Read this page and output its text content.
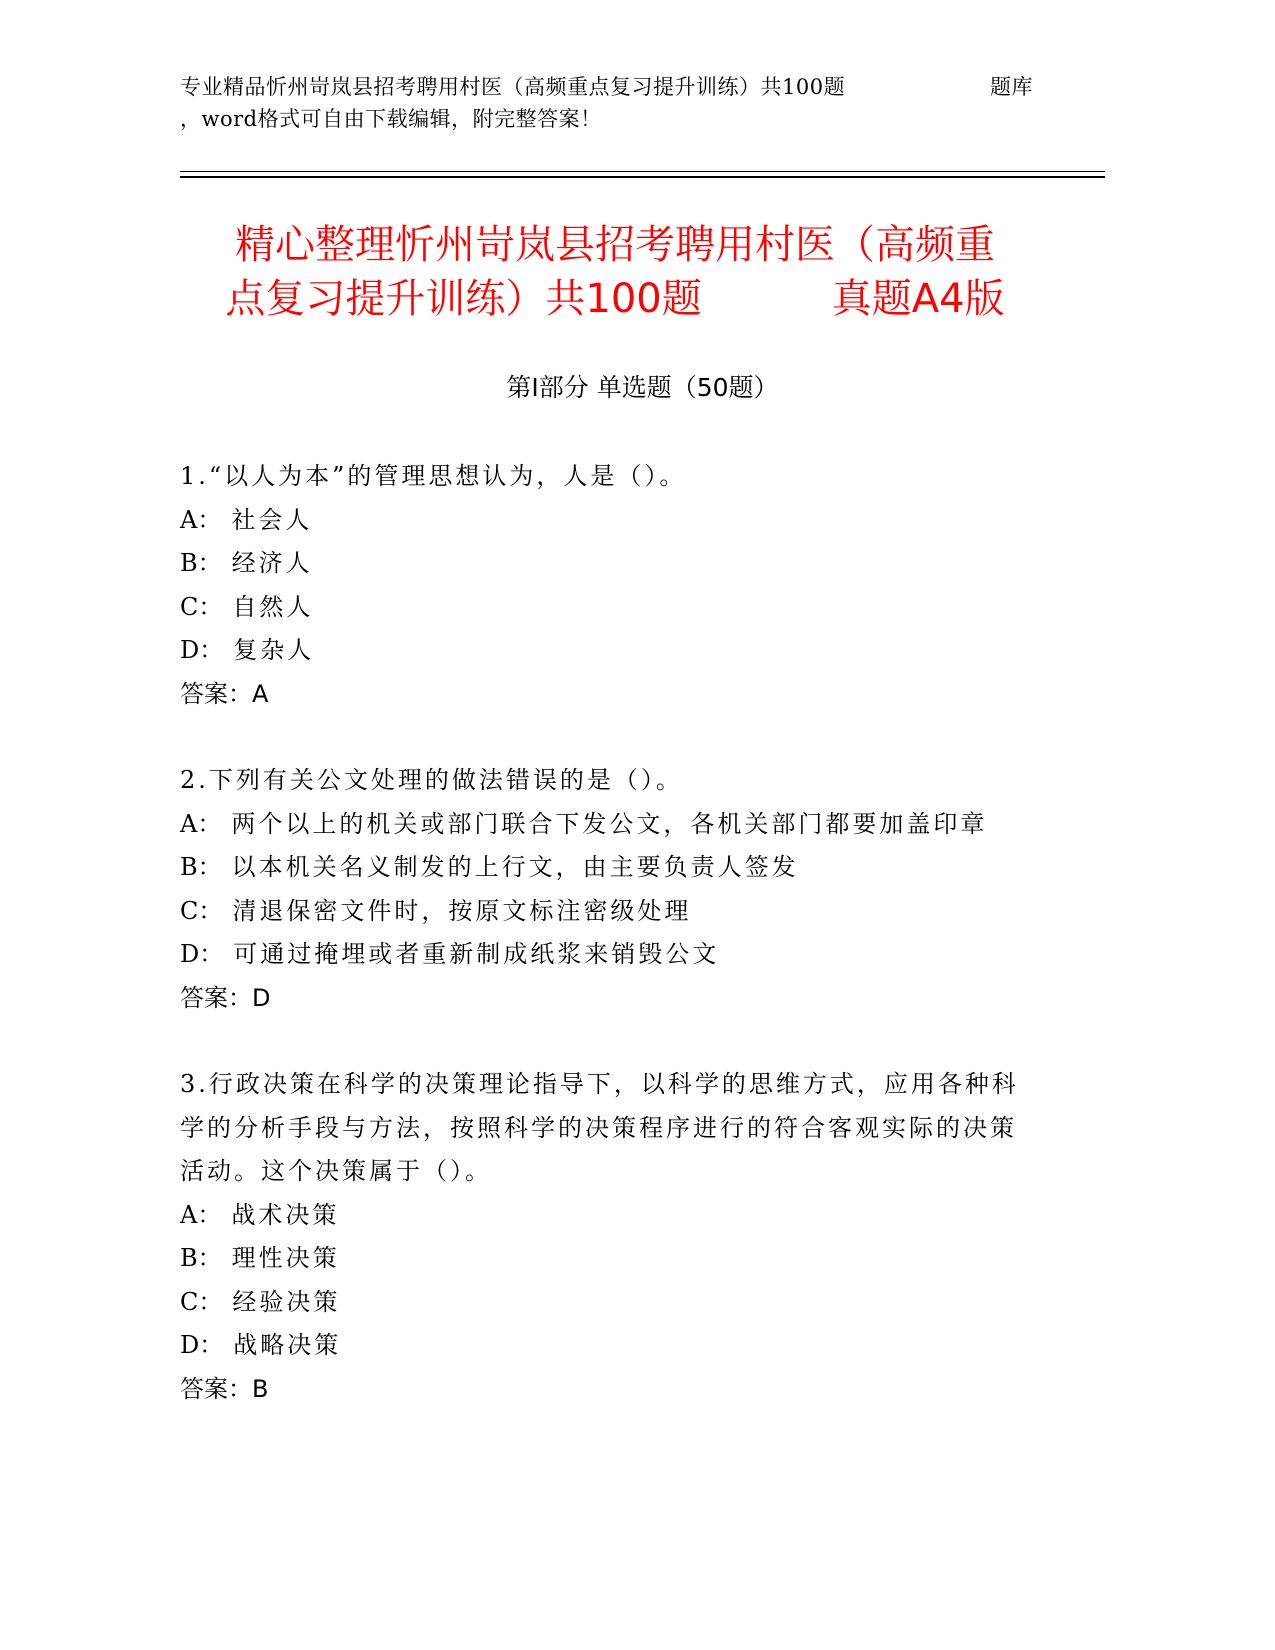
专业精品忻州岢岚县招考聘用村医（高频重点复习提升训练）共100题	题库
，word格式可自由下载编辑，附完整答案！
精心整理忻州岢岚县招考聘用村医（高频重
点复习提升训练）共100题	真题A4版
第Ⅰ部分 单选题（50题）
1.“以人为本”的管理思想认为，人是（）。
A： 社会人
B： 经济人
C： 自然人
D： 复杂人
答案：A
2.下列有关公文处理的做法错误的是（）。
A： 两个以上的机关或部门联合下发公文，各机关部门都要加盖印章
B： 以本机关名义制发的上行文，由主要负责人签发
C： 清退保密文件时，按原文标注密级处理
D： 可通过掩埋或者重新制成纸浆来销毁公文
答案：D
3.行政决策在科学的决策理论指导下，以科学的思维方式，应用各种科学的分析手段与方法，按照科学的决策程序进行的符合客观实际的决策活动。这个决策属于（）。
A： 战术决策
B： 理性决策
C： 经验决策
D： 战略决策
答案：B
